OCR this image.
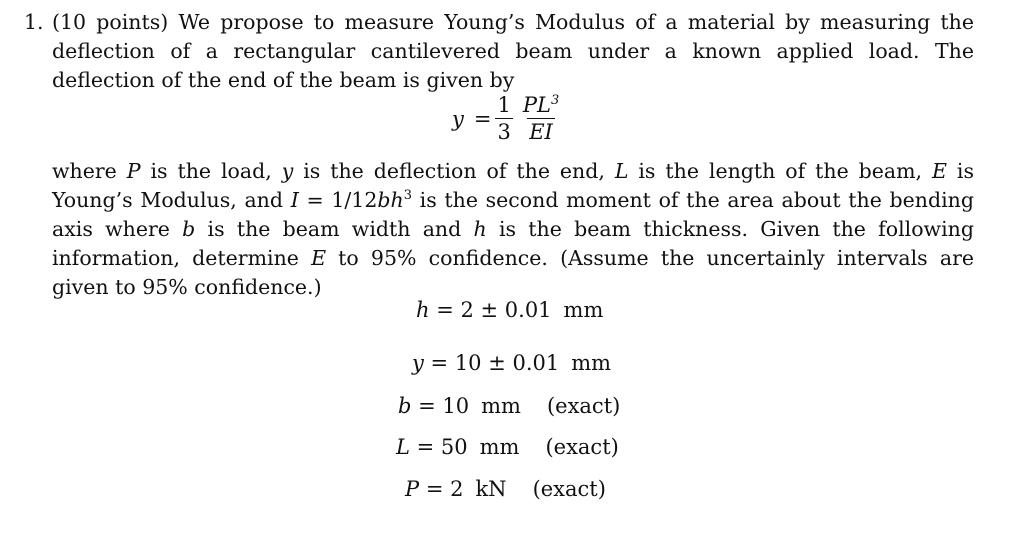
1. (10 points) We propose to measure Young’s Modulus of a material by measuring the deflection of a rectangular cantilevered beam under a known applied load. The deflection of the end of the beam is given by
$y = \frac{1}{3} \frac{PL^3}{EI}$
where P is the load, y is the deflection of the end, L is the length of the beam, E is Young’s Modulus, and $I = 1/12bh^3$ is the second moment of the area about the bending axis where b is the beam width and h is the beam thickness. Given the following information, determine E to 95% confidence. (Assume the uncertainly intervals are given to 95% confidence.)
h = 2 ± 0.01 mm
y = 10 ± 0.01 mm
b = 10 mm (exact)
L = 50 mm (exact)
P = 2 kN (exact)
